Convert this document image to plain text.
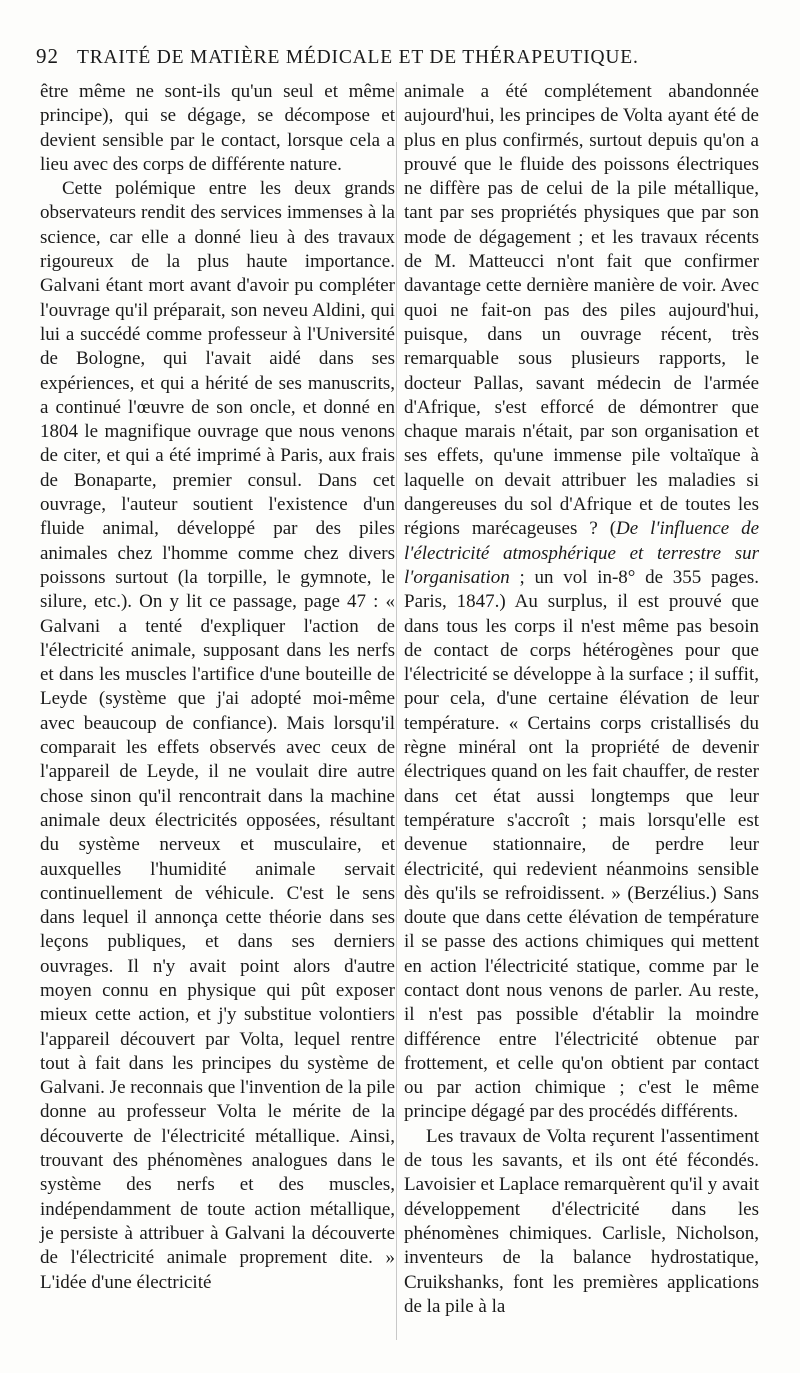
92 TRAITÉ DE MATIÈRE MÉDICALE ET DE THÉRAPEUTIQUE.

être même ne sont-ils qu'un seul et même principe), qui se dégage, se décompose et devient sensible par le contact, lorsque cela a lieu avec des corps de différente nature.

Cette polémique entre les deux grands observateurs rendit des services immenses à la science, car elle a donné lieu à des travaux rigoureux de la plus haute importance. Galvani étant mort avant d'avoir pu compléter l'ouvrage qu'il préparait, son neveu Aldini, qui lui a succédé comme professeur à l'Université de Bologne, qui l'avait aidé dans ses expériences, et qui a hérité de ses manuscrits, a continué l'œuvre de son oncle, et donné en 1804 le magnifique ouvrage que nous venons de citer, et qui a été imprimé à Paris, aux frais de Bonaparte, premier consul. Dans cet ouvrage, l'auteur soutient l'existence d'un fluide animal, développé par des piles animales chez l'homme comme chez divers poissons surtout (la torpille, le gymnote, le silure, etc.). On y lit ce passage, page 47 : « Galvani a tenté d'expliquer l'action de l'électricité animale, supposant dans les nerfs et dans les muscles l'artifice d'une bouteille de Leyde (système que j'ai adopté moi-même avec beaucoup de confiance). Mais lorsqu'il comparait les effets observés avec ceux de l'appareil de Leyde, il ne voulait dire autre chose sinon qu'il rencontrait dans la machine animale deux électricités opposées, résultant du système nerveux et musculaire, et auxquelles l'humidité animale servait continuellement de véhicule. C'est le sens dans lequel il annonça cette théorie dans ses leçons publiques, et dans ses derniers ouvrages. Il n'y avait point alors d'autre moyen connu en physique qui pût exposer mieux cette action, et j'y substitue volontiers l'appareil découvert par Volta, lequel rentre tout à fait dans les principes du système de Galvani. Je reconnais que l'invention de la pile donne au professeur Volta le mérite de la découverte de l'électricité métallique. Ainsi, trouvant des phénomènes analogues dans le système des nerfs et des muscles, indépendamment de toute action métallique, je persiste à attribuer à Galvani la découverte de l'électricité animale proprement dite. » L'idée d'une électricité

animale a été complétement abandonnée aujourd'hui, les principes de Volta ayant été de plus en plus confirmés, surtout depuis qu'on a prouvé que le fluide des poissons électriques ne diffère pas de celui de la pile métallique, tant par ses propriétés physiques que par son mode de dégagement ; et les travaux récents de M. Matteucci n'ont fait que confirmer davantage cette dernière manière de voir. Avec quoi ne fait-on pas des piles aujourd'hui, puisque, dans un ouvrage récent, très remarquable sous plusieurs rapports, le docteur Pallas, savant médecin de l'armée d'Afrique, s'est efforcé de démontrer que chaque marais n'était, par son organisation et ses effets, qu'une immense pile voltaïque à laquelle on devait attribuer les maladies si dangereuses du sol d'Afrique et de toutes les régions marécageuses ? (De l'influence de l'électricité atmosphérique et terrestre sur l'organisation ; un vol in-8° de 355 pages. Paris, 1847.) Au surplus, il est prouvé que dans tous les corps il n'est même pas besoin de contact de corps hétérogènes pour que l'électricité se développe à la surface ; il suffit, pour cela, d'une certaine élévation de leur température. « Certains corps cristallisés du règne minéral ont la propriété de devenir électriques quand on les fait chauffer, de rester dans cet état aussi longtemps que leur température s'accroît ; mais lorsqu'elle est devenue stationnaire, de perdre leur électricité, qui redevient néanmoins sensible dès qu'ils se refroidissent. » (Berzélius.) Sans doute que dans cette élévation de température il se passe des actions chimiques qui mettent en action l'électricité statique, comme par le contact dont nous venons de parler. Au reste, il n'est pas possible d'établir la moindre différence entre l'électricité obtenue par frottement, et celle qu'on obtient par contact ou par action chimique ; c'est le même principe dégagé par des procédés différents.

Les travaux de Volta reçurent l'assentiment de tous les savants, et ils ont été fécondés. Lavoisier et Laplace remarquèrent qu'il y avait développement d'électricité dans les phénomènes chimiques. Carlisle, Nicholson, inventeurs de la balance hydrostatique, Cruikshanks, font les premières applications de la pile à la
